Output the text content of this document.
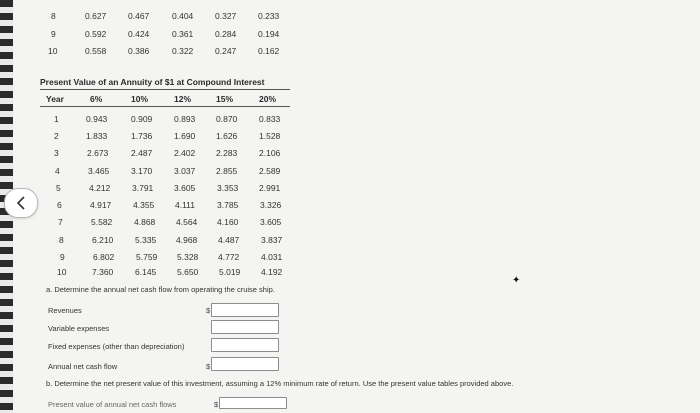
8	0.627	0.467	0.404	0.327	0.233
9	0.592	0.424	0.361	0.284	0.194
10	0.558	0.386	0.322	0.247	0.162
Present Value of an Annuity of $1 at Compound Interest
Year	6%	10%	12%	15%	20%
1	0.943	0.909	0.893 0.870	0.833
2	1.833	1.736	1.690 1.626	1.528
3	2.673	2.487	2.402 2.283	2.106
4	3.465	3.170	3.037 2.855	2.589
5	4.212	3.791 3.605	3.353 2.991
6	4.917	4.355 4.111	3.785	3.326
7	5.582	4.868 4.564 4.160	3.605
8	6.210	5.335 4.968 4.487	3.837
9	6.802	5.759 5.328 4.772	4.031
10	7.360	6.145 5.650 5.019 4.192
a. Determine the annual net cash flow from operating the cruise ship.
Revenues	$
Variable expenses
Fixed expenses (other than depreciation)
Annual net cash flow	$
b. Determine the net present value of this investment, assuming a 12% minimum rate of return. Use the present value tables provided above.
Present value of annual net cash flows	$
✦
